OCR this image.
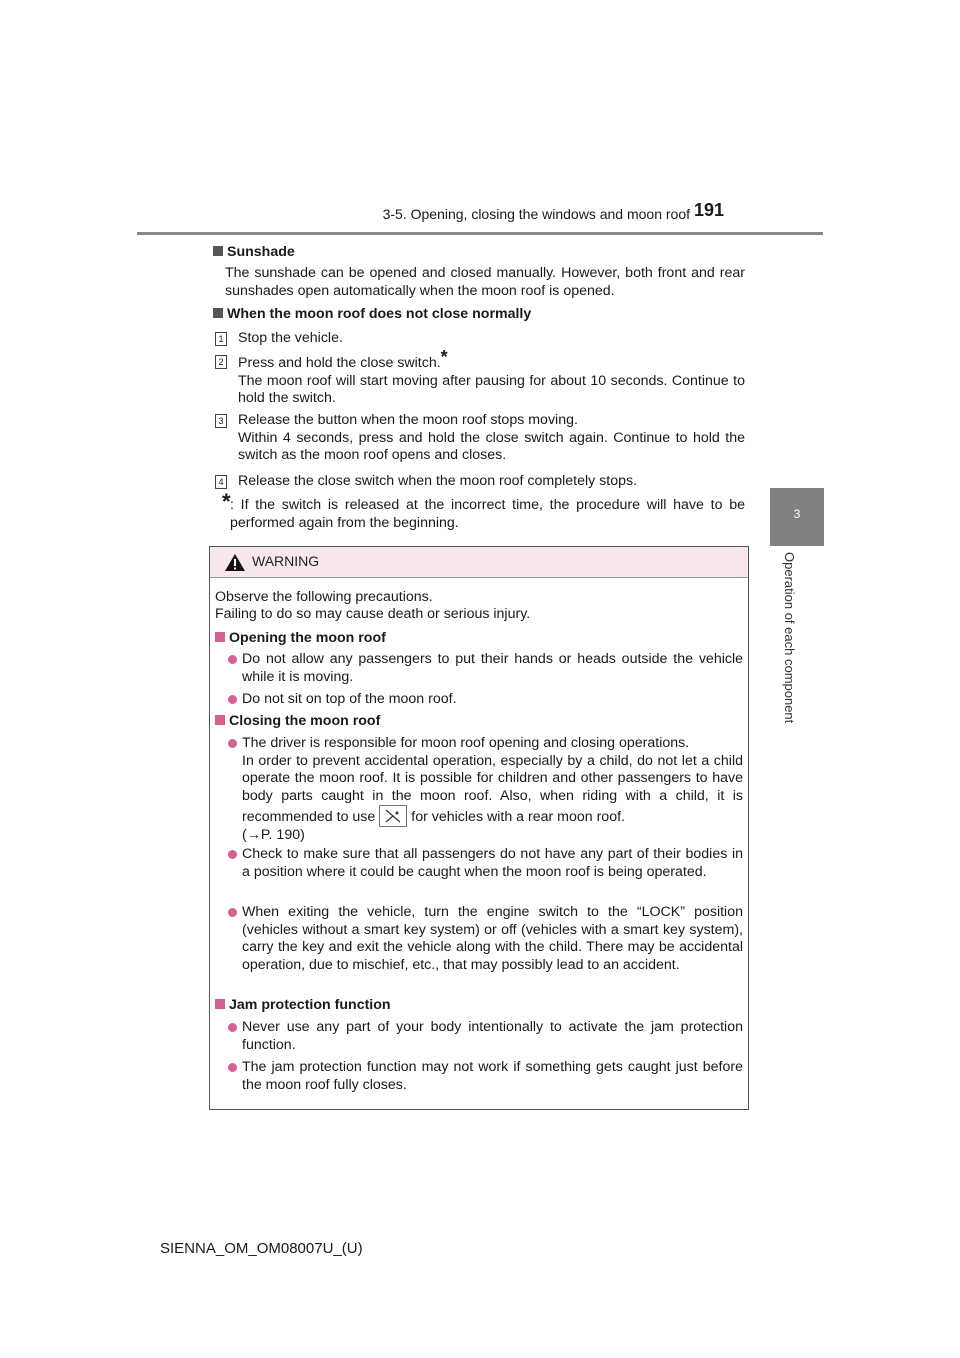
3-5. Opening, closing the windows and moon roof 191
3
Operation of each component
Sunshade
The sunshade can be opened and closed manually. However, both front and rear sunshades open automatically when the moon roof is opened.
When the moon roof does not close normally
1 Stop the vehicle.
2 Press and hold the close switch.*
The moon roof will start moving after pausing for about 10 seconds. Continue to hold the switch.
3 Release the button when the moon roof stops moving.
Within 4 seconds, press and hold the close switch again. Continue to hold the switch as the moon roof opens and closes.
4 Release the close switch when the moon roof completely stops.
* : If the switch is released at the incorrect time, the procedure will have to be performed again from the beginning.
WARNING
Observe the following precautions.
Failing to do so may cause death or serious injury.
Opening the moon roof
Do not allow any passengers to put their hands or heads outside the vehicle while it is moving.
Do not sit on top of the moon roof.
Closing the moon roof
The driver is responsible for moon roof opening and closing operations.
In order to prevent accidental operation, especially by a child, do not let a child operate the moon roof. It is possible for children and other passengers to have body parts caught in the moon roof. Also, when riding with a child, it is recommended to use	for vehicles with a rear moon roof.
(→P. 190)
Check to make sure that all passengers do not have any part of their bodies in a position where it could be caught when the moon roof is being operated.
When exiting the vehicle, turn the engine switch to the “LOCK” position (vehicles without a smart key system) or off (vehicles with a smart key system), carry the key and exit the vehicle along with the child. There may be accidental operation, due to mischief, etc., that may possibly lead to an accident.
Jam protection function
Never use any part of your body intentionally to activate the jam protection function.
The jam protection function may not work if something gets caught just before the moon roof fully closes.
SIENNA_OM_OM08007U_(U)
